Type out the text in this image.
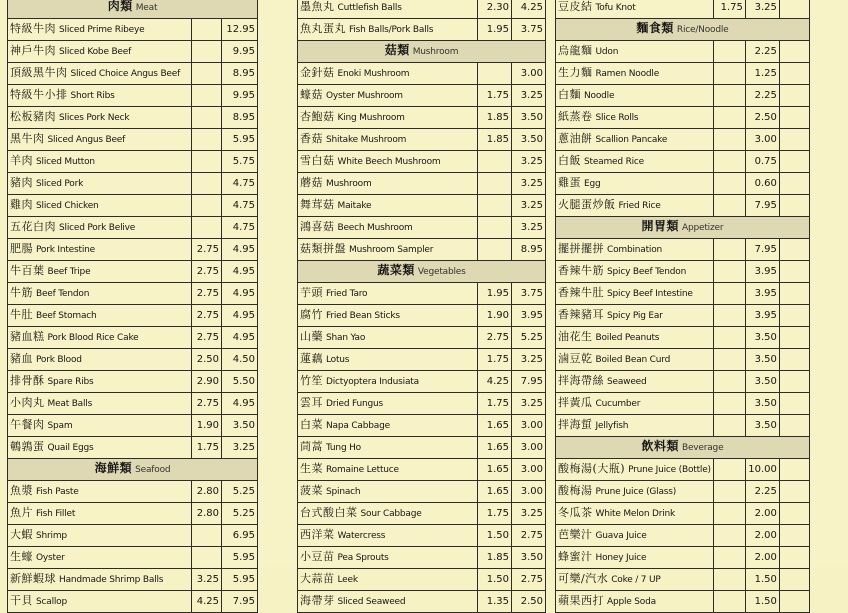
肉類 Meat		
特級牛肉 Sliced Prime Ribeye		12.95
神戶牛肉 Sliced Kobe Beef		9.95
頂級黑牛肉 Sliced Choice Angus Beef		8.95
特級牛小排 Short Ribs		9.95
松板豬肉 Slices Pork Neck		8.95
黑牛肉 Sliced Angus Beef		5.95
羊肉 Sliced Mutton		5.75
豬肉 Sliced Pork		4.75
雞肉 Sliced Chicken		4.75
五花白肉 Sliced Pork Belive		4.75
肥腸 Pork Intestine	2.75	4.95
牛百葉 Beef Tripe	2.75	4.95
牛筋 Beef Tendon	2.75	4.95
牛肚 Beef Stomach	2.75	4.95
豬血糕 Pork Blood Rice Cake	2.75	4.95
豬血 Pork Blood	2.50	4.50
排骨酥 Spare Ribs	2.90	5.50
小肉丸 Meat Balls	2.75	4.95
午餐肉 Spam	1.90	3.50
鵪鶉蛋 Quail Eggs	1.75	3.25
海鮮類 Seafood		
魚漿 Fish Paste	2.80	5.25
魚片 Fish Fillet	2.80	5.25
大蝦 Shrimp		6.95
生蠔 Oyster		5.95
新鮮蝦球 Handmade Shrimp Balls	3.25	5.95
干貝 Scallop	4.25	7.95
墨魚丸 Cuttlefish Balls	2.30	4.25
魚丸蛋丸 Fish Balls/Pork Balls	1.95	3.75
菇類 Mushroom		
金針菇 Enoki Mushroom		3.00
蠔菇 Oyster Mushroom	1.75	3.25
杏鮑菇 King Mushroom	1.85	3.50
香菇 Shitake Mushroom	1.85	3.50
雪白菇 White Beech Mushroom		3.25
蘑菇 Mushroom		3.25
舞茸菇 Maitake		3.25
鴻喜菇 Beech Mushroom		3.25
菇類拼盤 Mushroom Sampler		8.95
蔬菜類 Vegetables		
芋頭 Fried Taro	1.95	3.75
腐竹 Fried Bean Sticks	1.90	3.95
山藥 Shan Yao	2.75	5.25
蓮藕 Lotus	1.75	3.25
竹笙 Dictyoptera Indusiata	4.25	7.95
雲耳 Dried Fungus	1.75	3.25
白菜 Napa Cabbage	1.65	3.00
茼蒿 Tung Ho	1.65	3.00
生菜 Romaine Lettuce	1.65	3.00
菠菜 Spinach	1.65	3.00
台式酸白菜 Sour Cabbage	1.75	3.25
西洋菜 Watercress	1.50	2.75
小豆苗 Pea Sprouts	1.85	3.50
大蒜苗 Leek	1.50	2.75
海帶芽 Sliced Seaweed	1.35	2.50
豆皮結 Tofu Knot	1.75	3.25	
麵食類 Rice/Noodle			
烏龍麵 Udon		2.25	
生力麵 Ramen Noodle		1.25	
白麵 Noodle		2.25	
紙蒸卷 Slice Rolls		2.50	
蔥油餅 Scallion Pancake		3.00	
白飯 Steamed Rice		0.75	
雞蛋 Egg		0.60	
火腿蛋炒飯 Fried Rice		7.95	
開胃類 Appetizer			
擺拼擺拼 Combination		7.95	
香辣牛筋 Spicy Beef Tendon		3.95	
香辣牛肚 Spicy Beef Intestine		3.95	
香辣豬耳 Spicy Pig Ear		3.95	
油花生 Boiled Peanuts		3.50	
滷豆乾 Boiled Bean Curd		3.50	
拌海帶絲 Seaweed		3.50	
拌黃瓜 Cucumber		3.50	
拌海蜇 Jellyfish		3.50	
飲料類 Beverage			
酸梅湯(大瓶) Prune Juice (Bottle)		10.00	
酸梅湯 Prune Juice (Glass)		2.25	
冬瓜茶 White Melon Drink		2.00	
芭樂汁 Guava Juice		2.00	
蜂蜜汁 Honey Juice		2.00	
可樂/汽水 Coke / 7 UP		1.50	
蘋果西打 Apple Soda		1.50	
